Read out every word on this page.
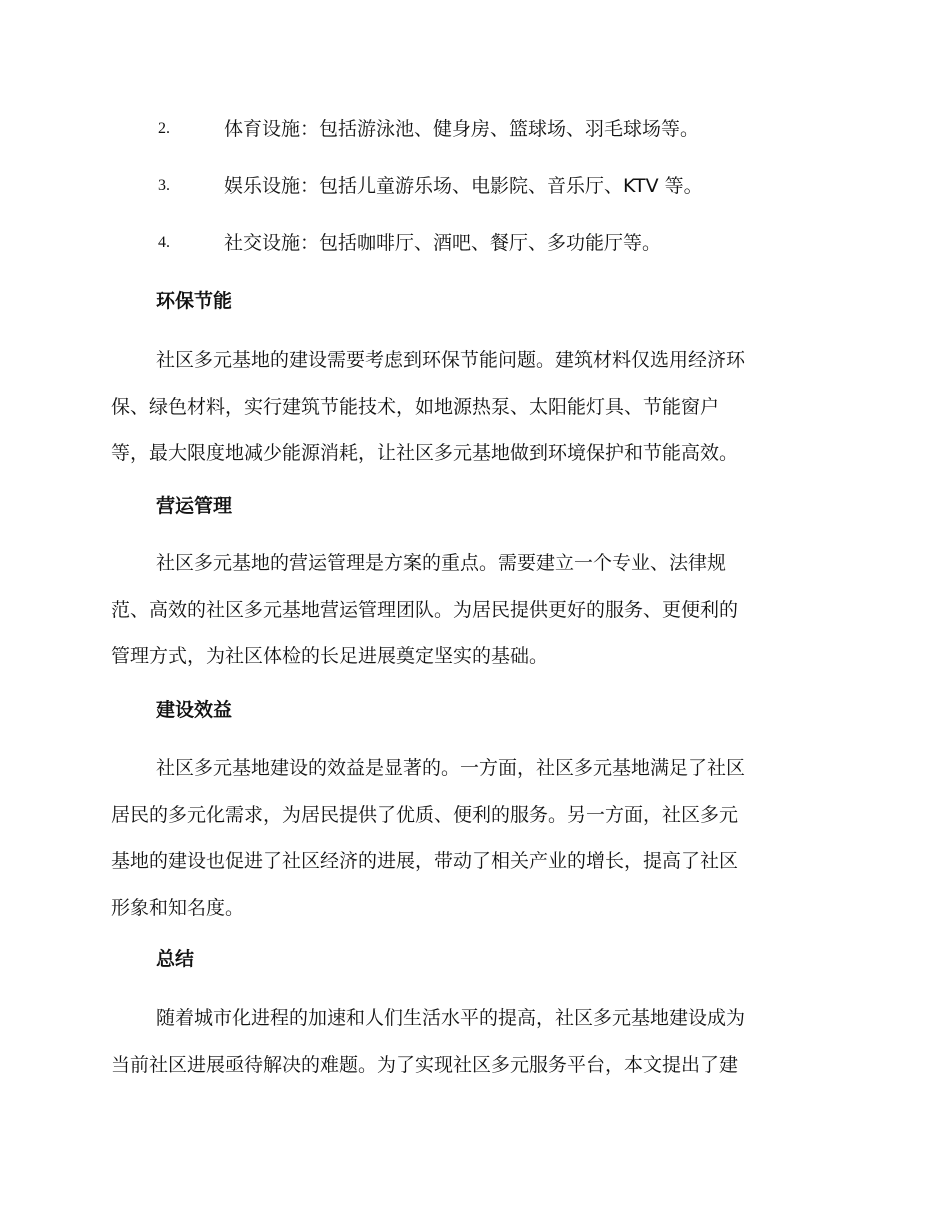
2.	体育设施：包括游泳池、健身房、篮球场、羽毛球场等。
3.	娱乐设施：包括儿童游乐场、电影院、音乐厅、KTV 等。
4.	社交设施：包括咖啡厅、酒吧、餐厅、多功能厅等。
环保节能
社区多元基地的建设需要考虑到环保节能问题。建筑材料仅选用经济环
保、绿色材料，实行建筑节能技术，如地源热泵、太阳能灯具、节能窗户
等，最大限度地减少能源消耗，让社区多元基地做到环境保护和节能高效。
营运管理
社区多元基地的营运管理是方案的重点。需要建立一个专业、法律规
范、高效的社区多元基地营运管理团队。为居民提供更好的服务、更便利的
管理方式，为社区体检的长足进展奠定坚实的基础。
建设效益
社区多元基地建设的效益是显著的。一方面，社区多元基地满足了社区
居民的多元化需求，为居民提供了优质、便利的服务。另一方面，社区多元
基地的建设也促进了社区经济的进展，带动了相关产业的增长，提高了社区
形象和知名度。
总结
随着城市化进程的加速和人们生活水平的提高，社区多元基地建设成为
当前社区进展亟待解决的难题。为了实现社区多元服务平台，本文提出了建
